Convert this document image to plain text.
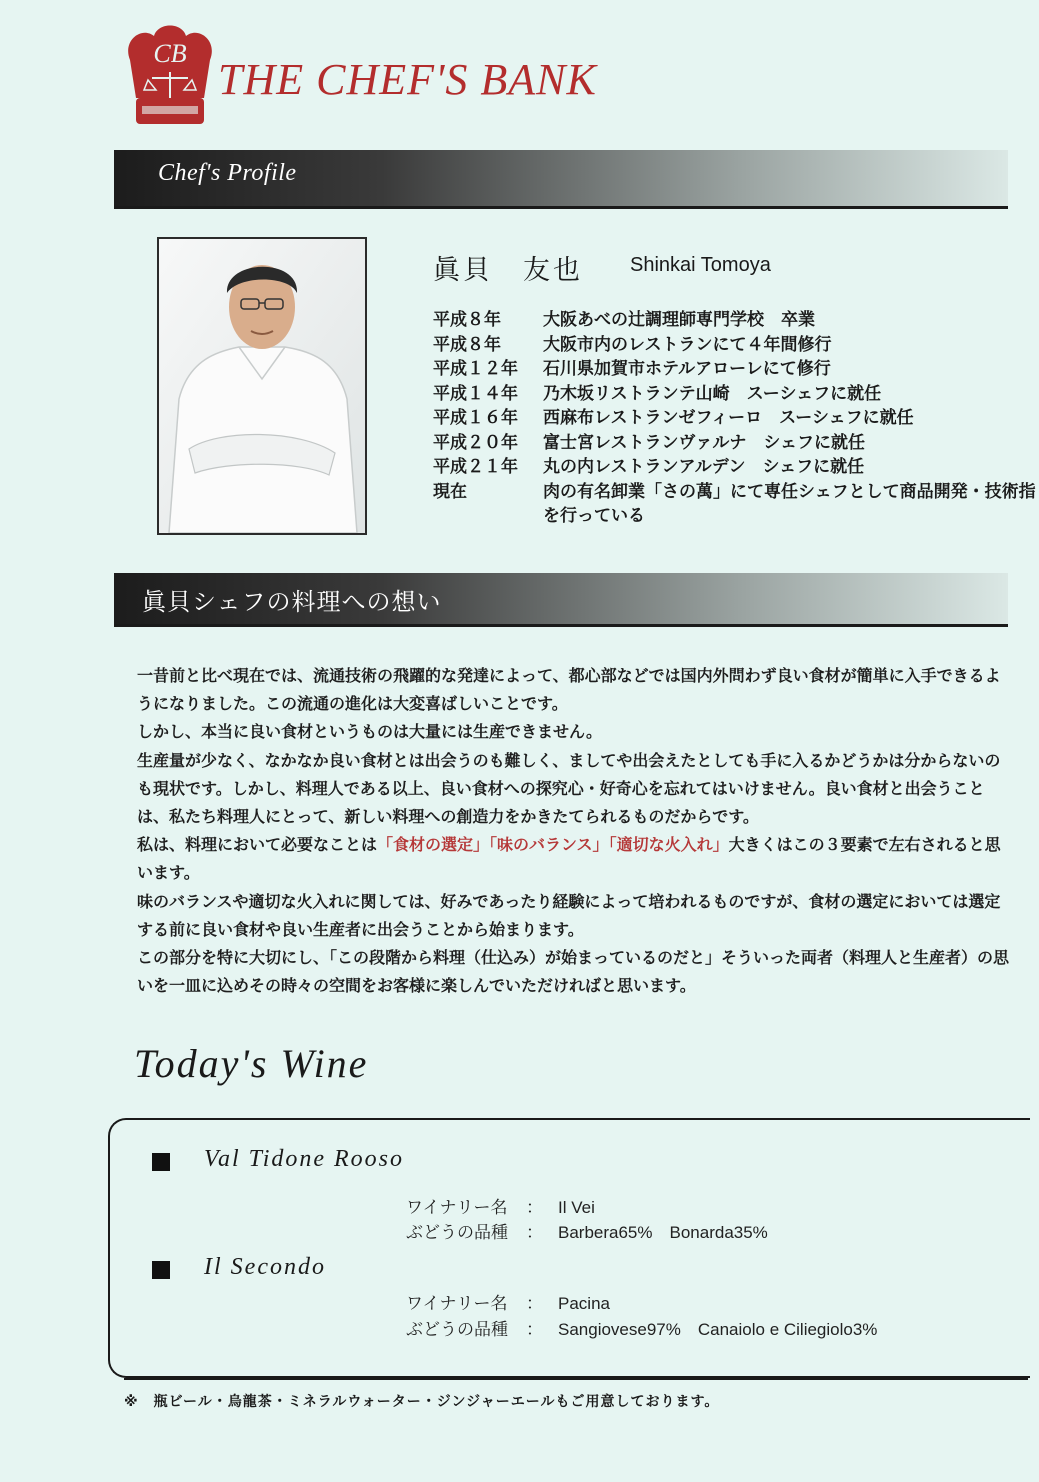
CB
THE CHEF'S BANK
Chef's Profile
眞貝　友也 Shinkai Tomoya
平成８年	大阪あべの辻調理師専門学校　卒業
平成８年	大阪市内のレストランにて４年間修行
平成１２年	石川県加賀市ホテルアローレにて修行
平成１４年	乃木坂リストランテ山崎　スーシェフに就任
平成１６年	西麻布レストランゼフィーロ　スーシェフに就任
平成２０年	富士宮レストランヴァルナ　シェフに就任
平成２１年	丸の内レストランアルデン　シェフに就任
現在	肉の有名卸業「さの萬」にて専任シェフとして商品開発・技術指
を行っている
眞貝シェフの料理への想い

一昔前と比べ現在では、流通技術の飛躍的な発達によって、都心部などでは国内外問わず良い食材が簡単に入手できるようになりました。この流通の進化は大変喜ばしいことです。

しかし、本当に良い食材というものは大量には生産できません。

生産量が少なく、なかなか良い食材とは出会うのも難しく、ましてや出会えたとしても手に入るかどうかは分からないのも現状です。しかし、料理人である以上、良い食材への探究心・好奇心を忘れてはいけません。良い食材と出会うことは、私たち料理人にとって、新しい料理への創造力をかきたてられるものだからです。

私は、料理において必要なことは「食材の選定」「味のバランス」「適切な火入れ」大きくはこの３要素で左右されると思います。

味のバランスや適切な火入れに関しては、好みであったり経験によって培われるものですが、食材の選定においては選定する前に良い食材や良い生産者に出会うことから始まります。

この部分を特に大切にし、「この段階から料理（仕込み）が始まっているのだと」そういった両者（料理人と生産者）の思いを一皿に込めその時々の空間をお客様に楽しんでいただければと思います。

Today's Wine
Val Tidone Rooso
ワイナリー名 ： Il Vei
ぶどうの品種 ： Barbera65%　Bonarda35%
Il Secondo
ワイナリー名 ： Pacina
ぶどうの品種 ： Sangiovese97%　Canaiolo e Ciliegiolo3%
※　瓶ビール・烏龍茶・ミネラルウォーター・ジンジャーエールもご用意しております。
